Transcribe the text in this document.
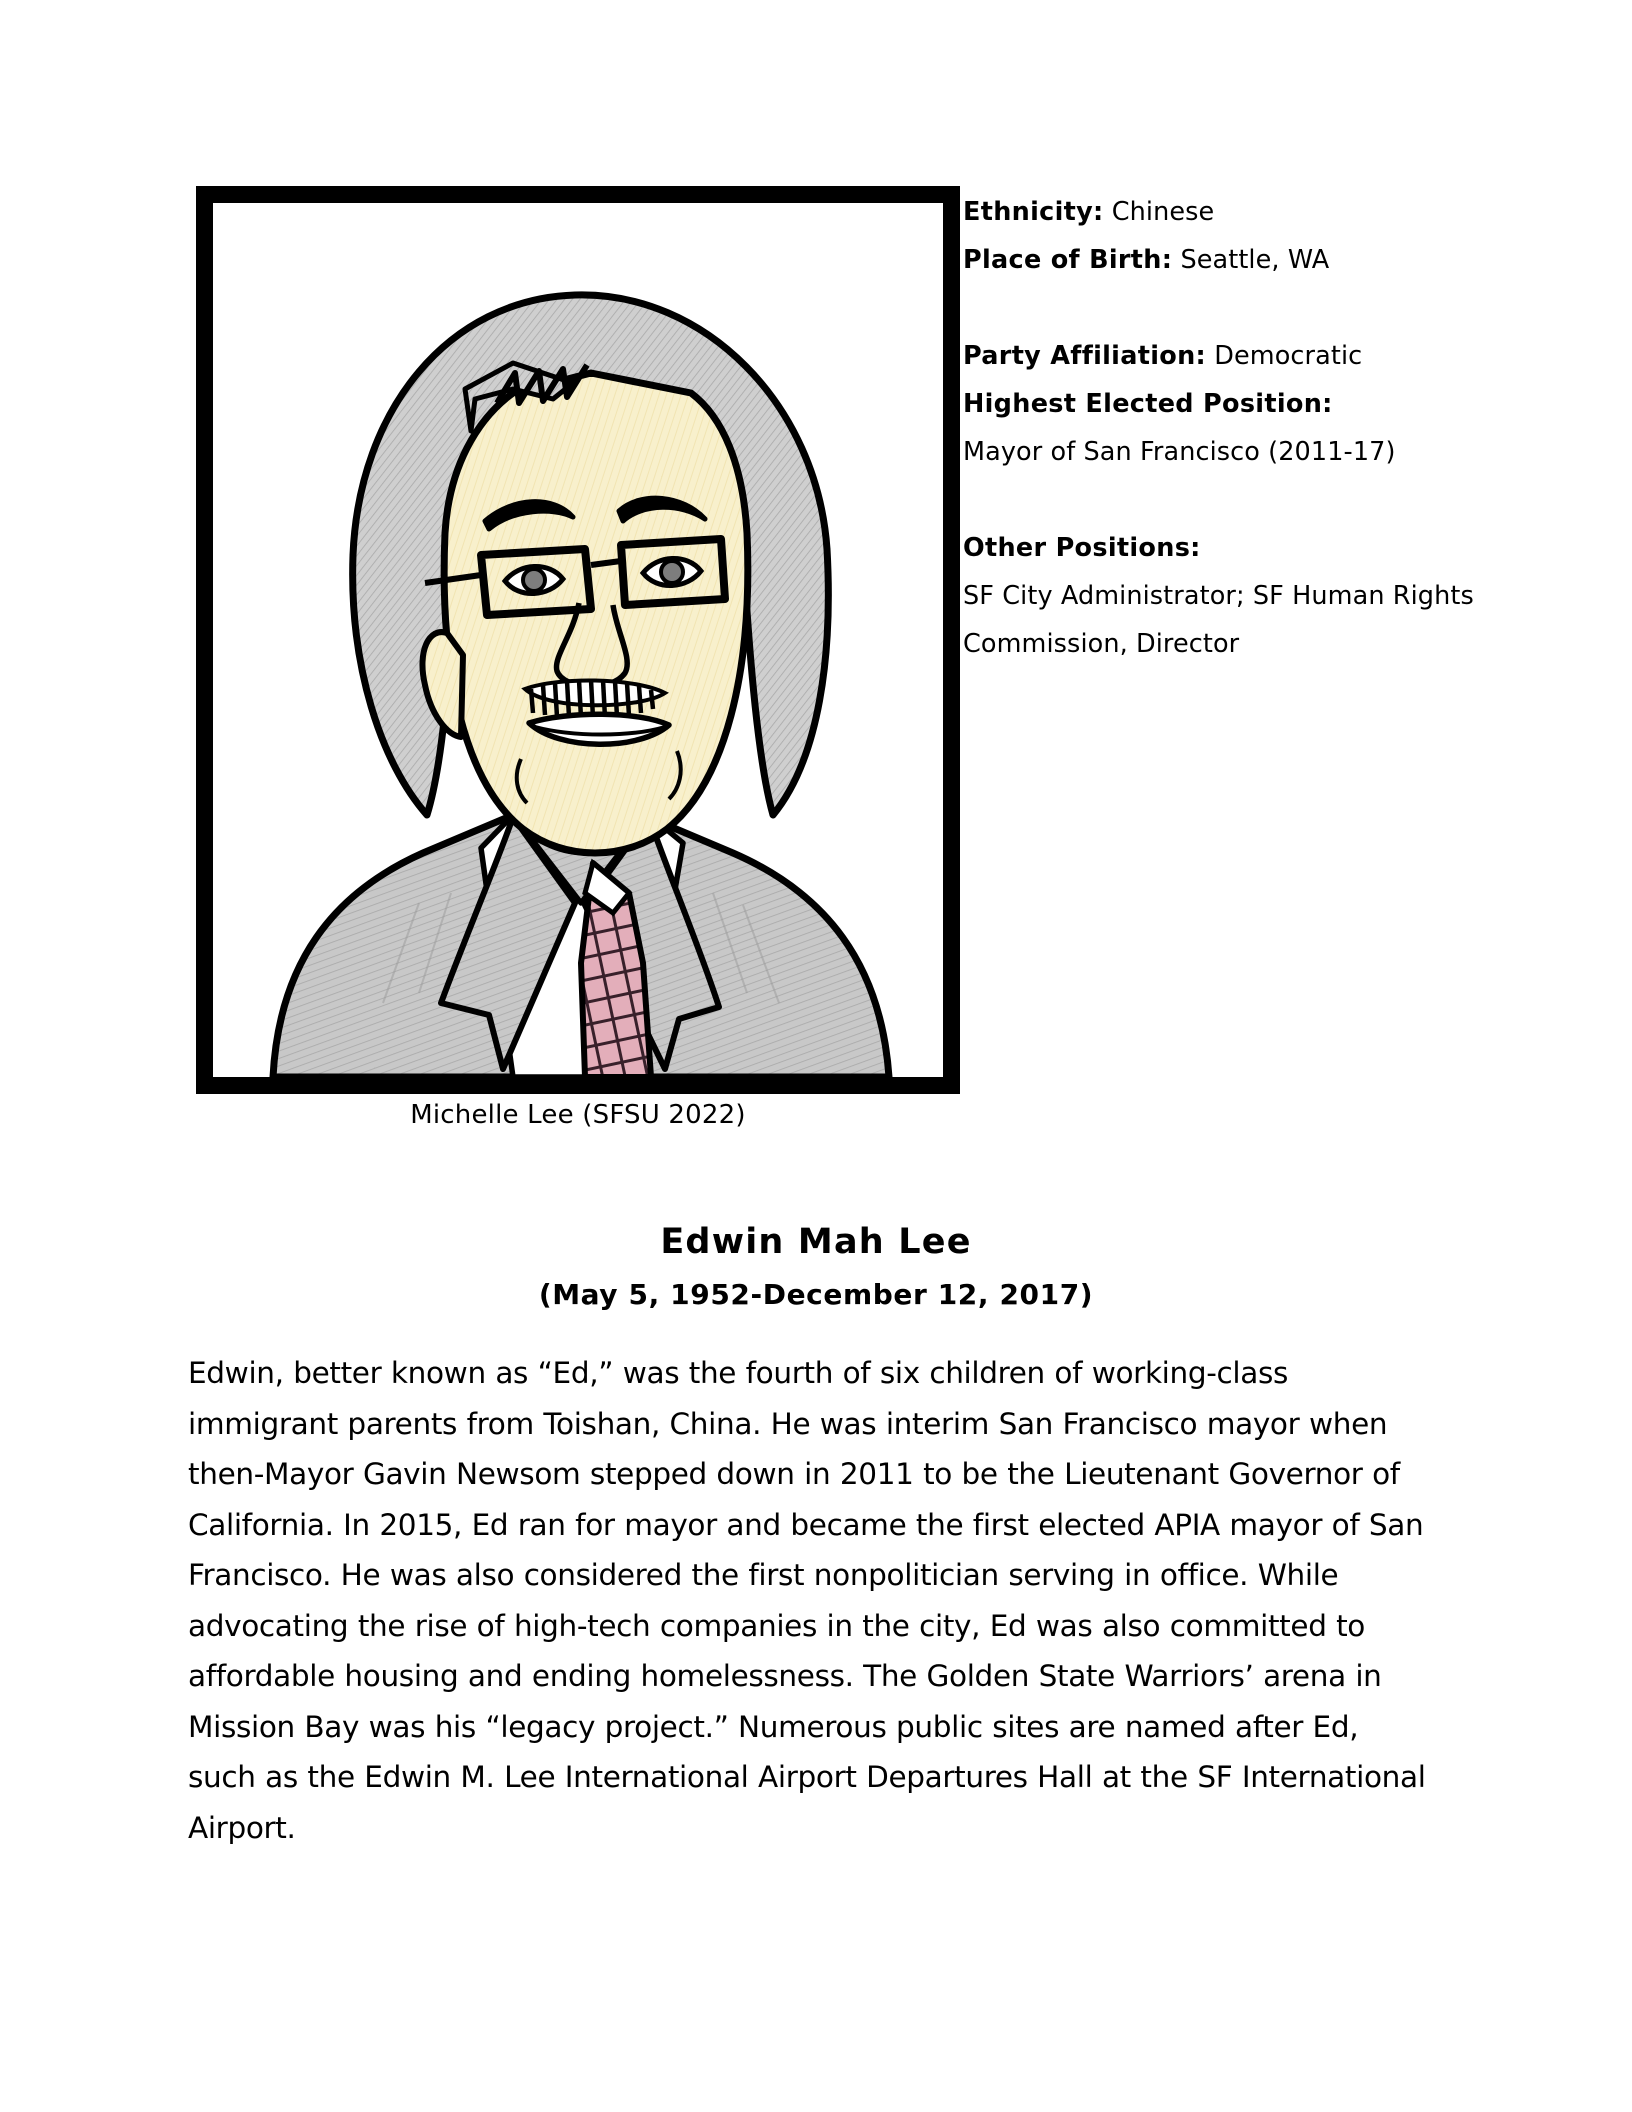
Michelle Lee (SFSU 2022)
Ethnicity: Chinese
Place of Birth: Seattle, WA
Party Affiliation: Democratic
Highest Elected Position:
Mayor of San Francisco (2011-17)
Other Positions:
SF City Administrator; SF Human Rights Commission, Director
Edwin Mah Lee
(May 5, 1952-December 12, 2017)
Edwin, better known as “Ed,” was the fourth of six children of working-class immigrant parents from Toishan, China. He was interim San Francisco mayor when then-Mayor Gavin Newsom stepped down in 2011 to be the Lieutenant Governor of California. In 2015, Ed ran for mayor and became the first elected APIA mayor of San Francisco. He was also considered the first nonpolitician serving in office. While advocating the rise of high-tech companies in the city, Ed was also committed to affordable housing and ending homelessness. The Golden State Warriors’ arena in Mission Bay was his “legacy project.” Numerous public sites are named after Ed, such as the Edwin M. Lee International Airport Departures Hall at the SF International Airport.
